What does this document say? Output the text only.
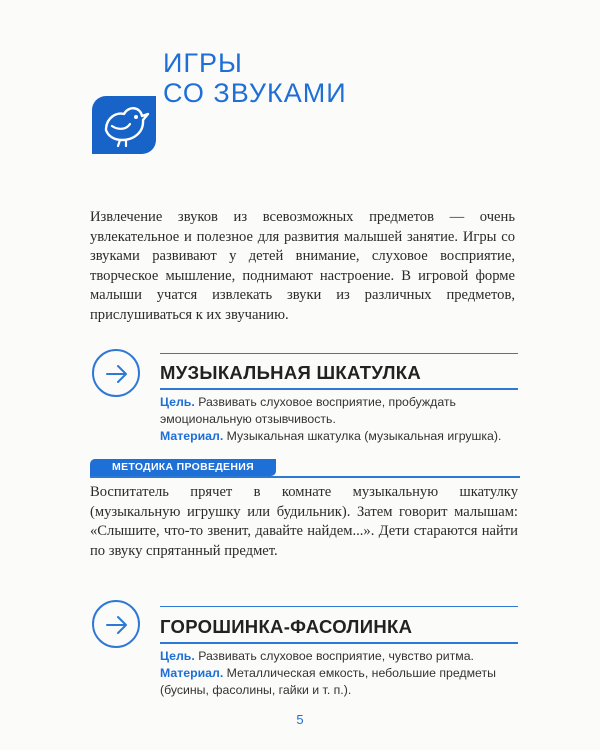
ИГРЫ
СО ЗВУКАМИ

Извлечение звуков из всевозможных предметов — очень увлекательное и полезное для развития малышей занятие. Игры со звуками развивают у детей внимание, слуховое восприятие, творческое мышление, поднимают настроение. В игровой форме малыши учатся извлекать звуки из различных предметов, прислушиваться к их звучанию.

МУЗЫКАЛЬНАЯ ШКАТУЛКА

Цель. Развивать слуховое восприятие, пробуждать эмоциональную отзывчивость.

Материал. Музыкальная шкатулка (музыкальная игрушка).

МЕТОДИКА ПРОВЕДЕНИЯ

Воспитатель прячет в комнате музыкальную шкатулку (музыкальную игрушку или будильник). Затем говорит малышам: «Слышите, что-то звенит, давайте найдем...». Дети стараются найти по звуку спрятанный предмет.

ГОРОШИНКА-ФАСОЛИНКА

Цель. Развивать слуховое восприятие, чувство ритма.

Материал. Металлическая емкость, небольшие предметы (бусины, фасолины, гайки и т. п.).

5
